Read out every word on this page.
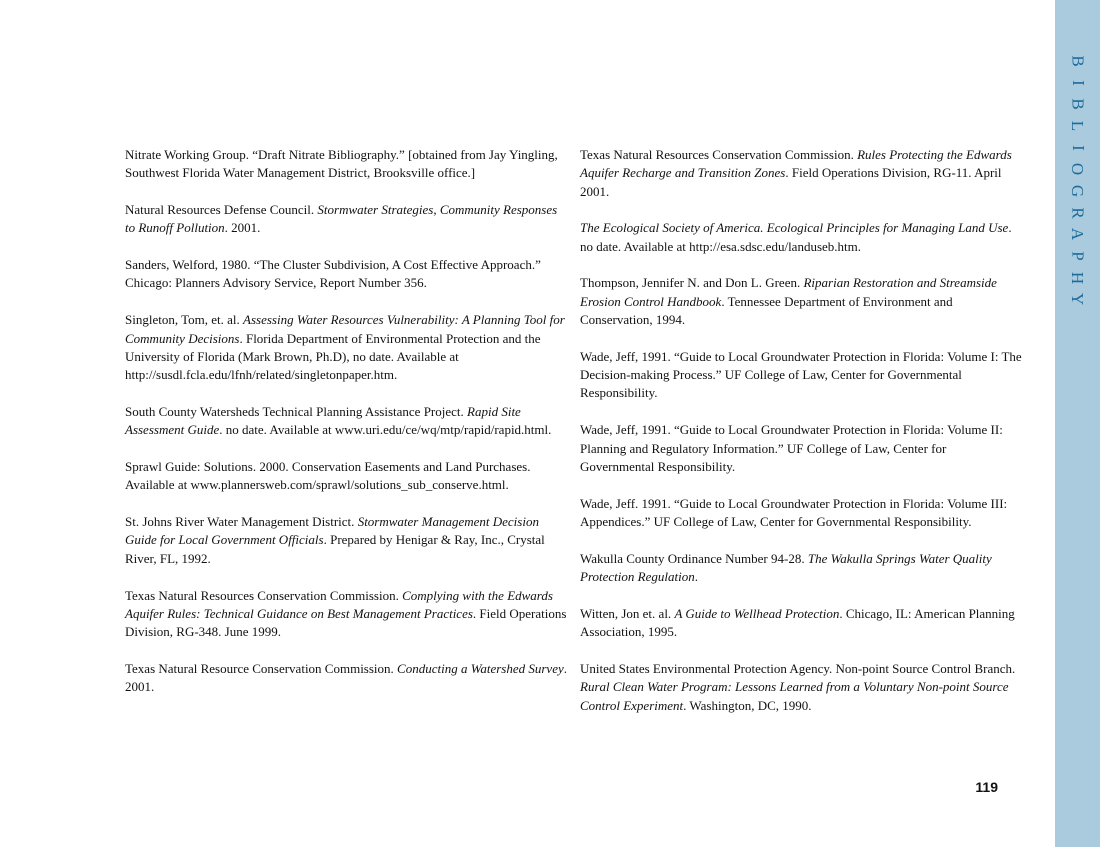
Nitrate Working Group. “Draft Nitrate Bibliography.” [obtained from Jay Yingling, Southwest Florida Water Management District, Brooksville office.]

Natural Resources Defense Council. Stormwater Strategies, Community Responses to Runoff Pollution. 2001.

Sanders, Welford, 1980. “The Cluster Subdivision, A Cost Effective Approach.” Chicago: Planners Advisory Service, Report Number 356.

Singleton, Tom, et. al. Assessing Water Resources Vulnerability: A Planning Tool for Community Decisions. Florida Department of Environmental Protection and the University of Florida (Mark Brown, Ph.D), no date. Available at http://susdl.fcla.edu/lfnh/related/singletonpaper.htm.

South County Watersheds Technical Planning Assistance Project. Rapid Site Assessment Guide. no date. Available at www.uri.edu/ce/wq/mtp/rapid/rapid.html.

Sprawl Guide: Solutions. 2000. Conservation Easements and Land Purchases. Available at www.plannersweb.com/sprawl/solutions_sub_conserve.html.

St. Johns River Water Management District. Stormwater Management Decision Guide for Local Government Officials. Prepared by Henigar & Ray, Inc., Crystal River, FL, 1992.

Texas Natural Resources Conservation Commission. Complying with the Edwards Aquifer Rules: Technical Guidance on Best Management Practices. Field Operations Division, RG-348. June 1999.

Texas Natural Resource Conservation Commission. Conducting a Watershed Survey. 2001.

Texas Natural Resources Conservation Commission. Rules Protecting the Edwards Aquifer Recharge and Transition Zones. Field Operations Division, RG-11. April 2001.

The Ecological Society of America. Ecological Principles for Managing Land Use. no date. Available at http://esa.sdsc.edu/landuseb.htm.

Thompson, Jennifer N. and Don L. Green. Riparian Restoration and Streamside Erosion Control Handbook. Tennessee Department of Environment and Conservation, 1994.

Wade, Jeff, 1991. “Guide to Local Groundwater Protection in Florida: Volume I: The Decision-making Process.” UF College of Law, Center for Governmental Responsibility.

Wade, Jeff, 1991. “Guide to Local Groundwater Protection in Florida: Volume II: Planning and Regulatory Information.” UF College of Law, Center for Governmental Responsibility.

Wade, Jeff. 1991. “Guide to Local Groundwater Protection in Florida: Volume III: Appendices.” UF College of Law, Center for Governmental Responsibility.

Wakulla County Ordinance Number 94-28. The Wakulla Springs Water Quality Protection Regulation.

Witten, Jon et. al. A Guide to Wellhead Protection. Chicago, IL: American Planning Association, 1995.

United States Environmental Protection Agency. Non-point Source Control Branch. Rural Clean Water Program: Lessons Learned from a Voluntary Non-point Source Control Experiment. Washington, DC, 1990.

119
B
I
B
L
I
O
G
R
A
P
H
Y
